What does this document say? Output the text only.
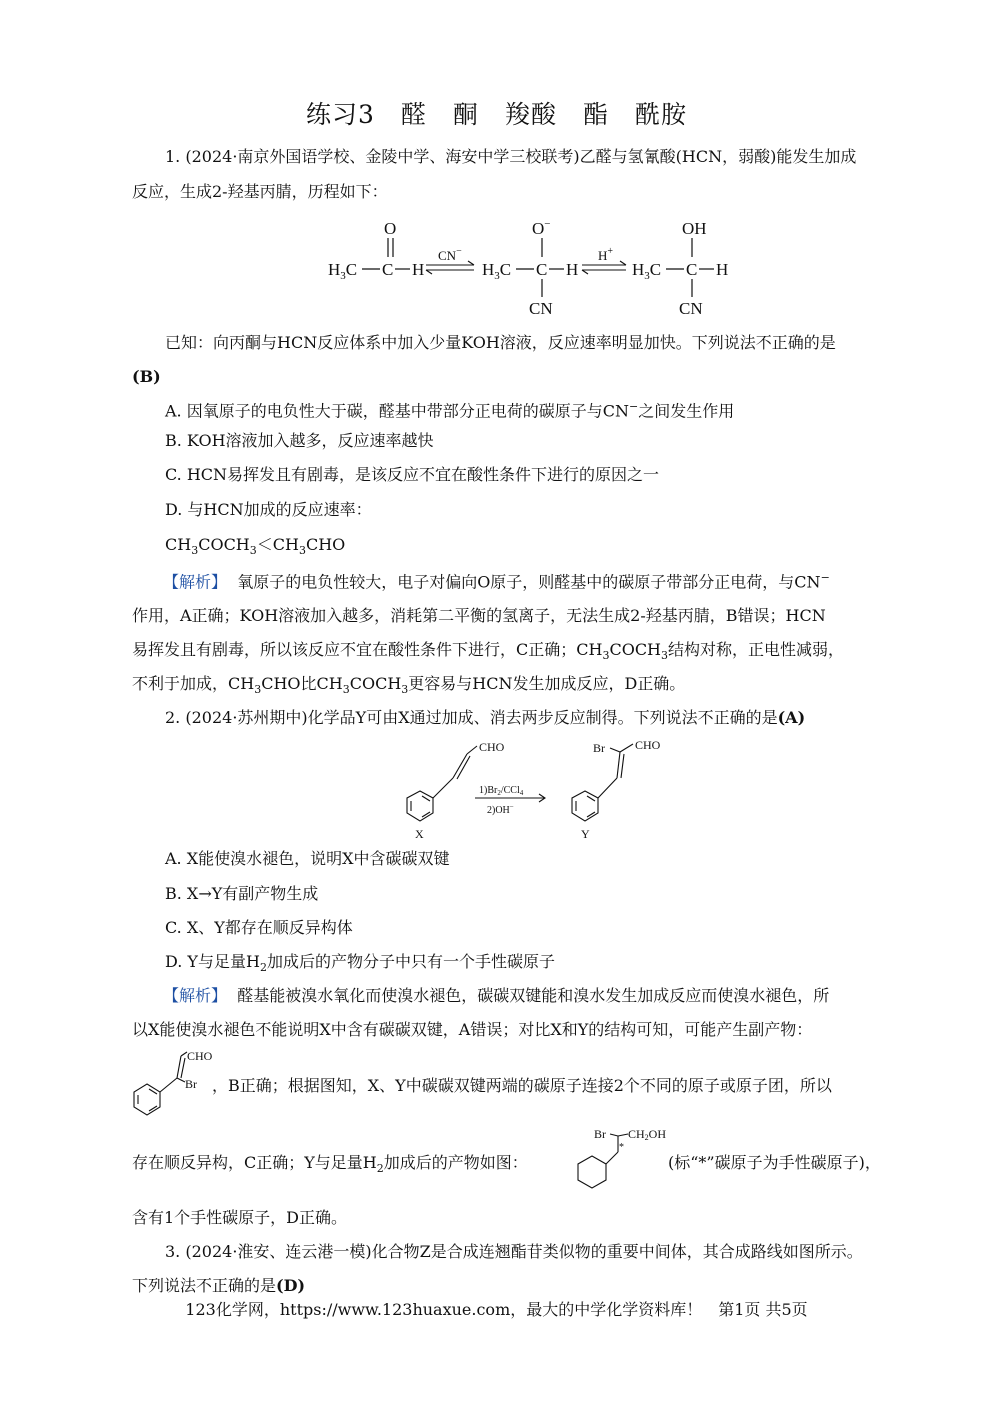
练习3　醛　酮　羧酸　酯　酰胺
1. (2024·南京外国语学校、金陵中学、海安中学三校联考)乙醛与氢氰酸(HCN，弱酸)能发生加成
反应，生成2-羟基丙腈，历程如下：
$H_3C$ C H
O
CN−
$H_3C$ C H
O−
CN
H+
$H_3C$ C H
OH
CN
已知：向丙酮与HCN反应体系中加入少量KOH溶液，反应速率明显加快。下列说法不正确的是
(B)
A. 因氧原子的电负性大于碳，醛基中带部分正电荷的碳原子与CN−之间发生作用
B. KOH溶液加入越多，反应速率越快
C. HCN易挥发且有剧毒，是该反应不宜在酸性条件下进行的原因之一
D. 与HCN加成的反应速率：
$CH_3COCH_3<CH_3CHO$
【解析】 氧原子的电负性较大，电子对偏向O原子，则醛基中的碳原子带部分正电荷，与CN−
作用，A正确；KOH溶液加入越多，消耗第二平衡的氢离子，无法生成2-羟基丙腈，B错误；HCN
易挥发且有剧毒，所以该反应不宜在酸性条件下进行，C正确；$CH_3COCH_3$结构对称，正电性减弱，
不利于加成，$CH_3CHO$比$CH_3COCH_3$更容易与HCN发生加成反应，D正确。
2. (2024·苏州期中)化学品Y可由X通过加成、消去两步反应制得。下列说法不正确的是(A)
CHO
X
$1)Br_2/CCl_4$
2)OH−
CHO
Br
Y
A. X能使溴水褪色，说明X中含碳碳双键
B. X→Y有副产物生成
C. X、Y都存在顺反异构体
D. Y与足量$H_2$加成后的产物分子中只有一个手性碳原子
【解析】 醛基能被溴水氧化而使溴水褪色，碳碳双键能和溴水发生加成反应而使溴水褪色，所
以X能使溴水褪色不能说明X中含有碳碳双键，A错误；对比X和Y的结构可知，可能产生副产物：
CHO
Br ，B正确；根据图知，X、Y中碳碳双键两端的碳原子连接2个不同的原子或原子团，所以
Br
*
CH2OH
存在顺反异构，C正确；Y与足量$H_2$加成后的产物如图：	(标“*”碳原子为手性碳原子)，
含有1个手性碳原子，D正确。
3. (2024·淮安、连云港一模)化合物Z是合成连翘酯苷类似物的重要中间体，其合成路线如图所示。
下列说法不正确的是(D)
123化学网，https://www.123huaxue.com，最大的中学化学资料库！　第1页 共5页
